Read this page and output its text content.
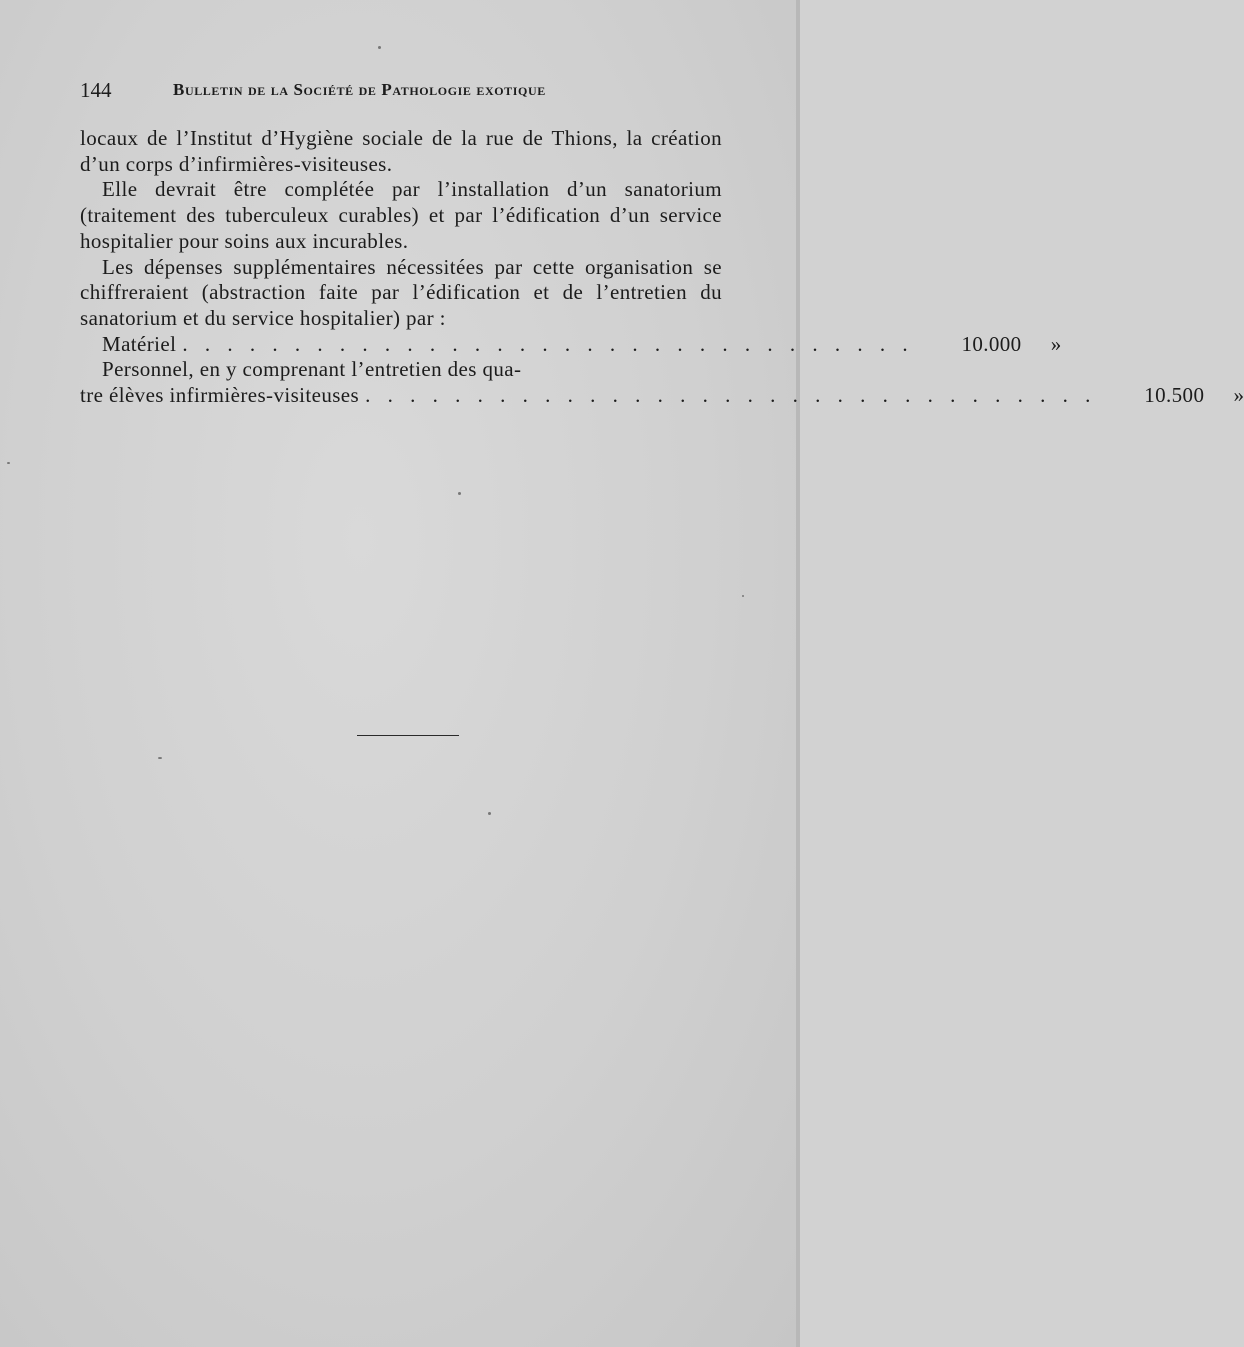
144	Bulletin de la Société de Pathologie exotique

locaux de l’Institut d’Hygiène sociale de la rue de Thions, la création d’un corps d’infirmières-visiteuses.

Elle devrait être complétée par l’installation d’un sanatorium (traitement des tuberculeux curables) et par l’édification d’un service hospitalier pour soins aux incurables.

Les dépenses supplémentaires nécessitées par cette organisation se chiffreraient (abstraction faite par l’édification et de l’entretien du sanatorium et du service hospitalier) par :

Matériel . . . . . . . . . . . . . . . . . . . . . . . . . . . . . . . . .	10.000	»
Personnel, en y comprenant l’entretien des qua-
tre élèves infirmières-visiteuses . . . . . . . . . . . . . . . . . . . . . . . . . . . . . . . . .	10.500	»
